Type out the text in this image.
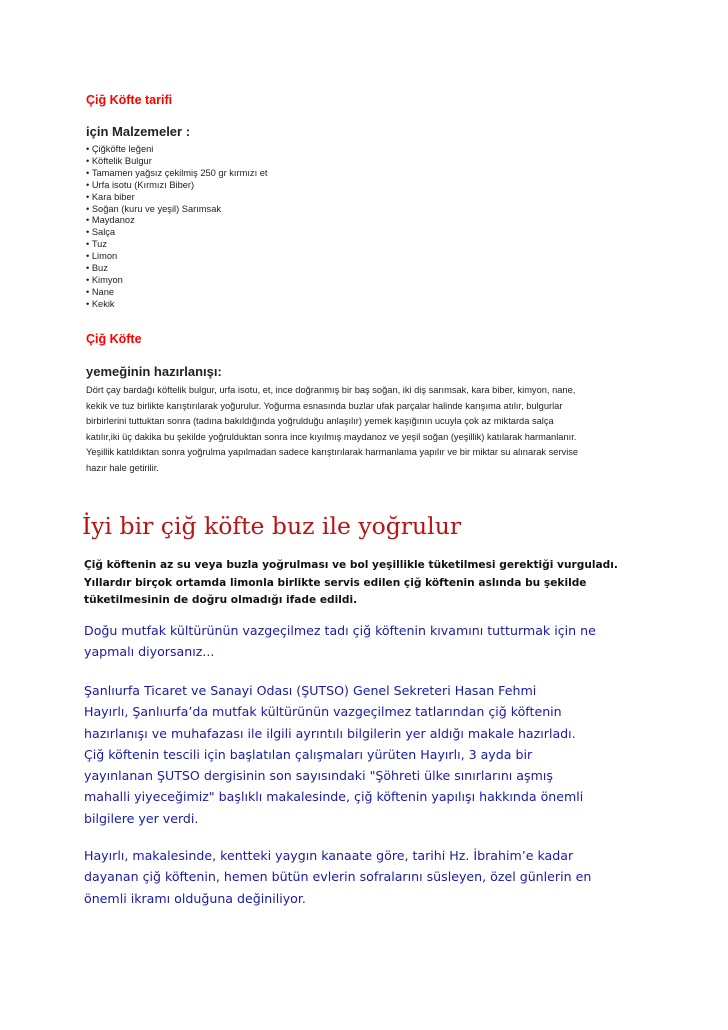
Çiğ Köfte tarifi
için Malzemeler :
• Çiğköfte leğeni
• Köftelik Bulgur
• Tamamen yağsız çekilmiş 250 gr kırmızı et
• Urfa isotu (Kırmızı Biber)
• Kara biber
• Soğan (kuru ve yeşil) Sarımsak
• Maydanoz
• Salça
• Tuz
• Limon
• Buz
• Kimyon
• Nane
• Kekik
Çiğ Köfte
yemeğinin hazırlanışı:
Dört çay bardağı köftelik bulgur, urfa isotu, et, ince doğranmış bir baş soğan, iki diş sarımsak, kara biber, kimyon, nane,
kekik ve tuz birlikte karıştırılarak yoğurulur. Yoğurma esnasında buzlar ufak parçalar halinde karışıma atılır, bulgurlar
birbirlerini tuttuktan sonra (tadına bakıldığında yoğrulduğu anlaşılır) yemek kaşığının ucuyla çok az miktarda salça
katılır,iki üç dakika bu şekilde yoğrulduktan sonra ince kıyılmış maydanoz ve yeşil soğan (yeşillik) katılarak harmanlanır.
Yeşillik katıldıktan sonra yoğrulma yapılmadan sadece karıştırılarak harmanlama yapılır ve bir miktar su alınarak servise
hazır hale getirilir.
İyi bir çiğ köfte buz ile yoğrulur
Çiğ köftenin az su veya buzla yoğrulması ve bol yeşillikle tüketilmesi gerektiği vurguladı.
Yıllardır birçok ortamda limonla birlikte servis edilen çiğ köftenin aslında bu şekilde
tüketilmesinin de doğru olmadığı ifade edildi.
Doğu mutfak kültürünün vazgeçilmez tadı çiğ köftenin kıvamını tutturmak için ne
yapmalı diyorsanız...
Şanlıurfa Ticaret ve Sanayi Odası (ŞUTSO) Genel Sekreteri Hasan Fehmi
Hayırlı, Şanlıurfa’da mutfak kültürünün vazgeçilmez tatlarından çiğ köftenin
hazırlanışı ve muhafazası ile ilgili ayrıntılı bilgilerin yer aldığı makale hazırladı.
Çiğ köftenin tescili için başlatılan çalışmaları yürüten Hayırlı, 3 ayda bir
yayınlanan ŞUTSO dergisinin son sayısındaki "Şöhreti ülke sınırlarını aşmış
mahalli yiyeceğimiz" başlıklı makalesinde, çiğ köftenin yapılışı hakkında önemli
bilgilere yer verdi.
Hayırlı, makalesinde, kentteki yaygın kanaate göre, tarihi Hz. İbrahim’e kadar
dayanan çiğ köftenin, hemen bütün evlerin sofralarını süsleyen, özel günlerin en
önemli ikramı olduğuna değiniliyor.
